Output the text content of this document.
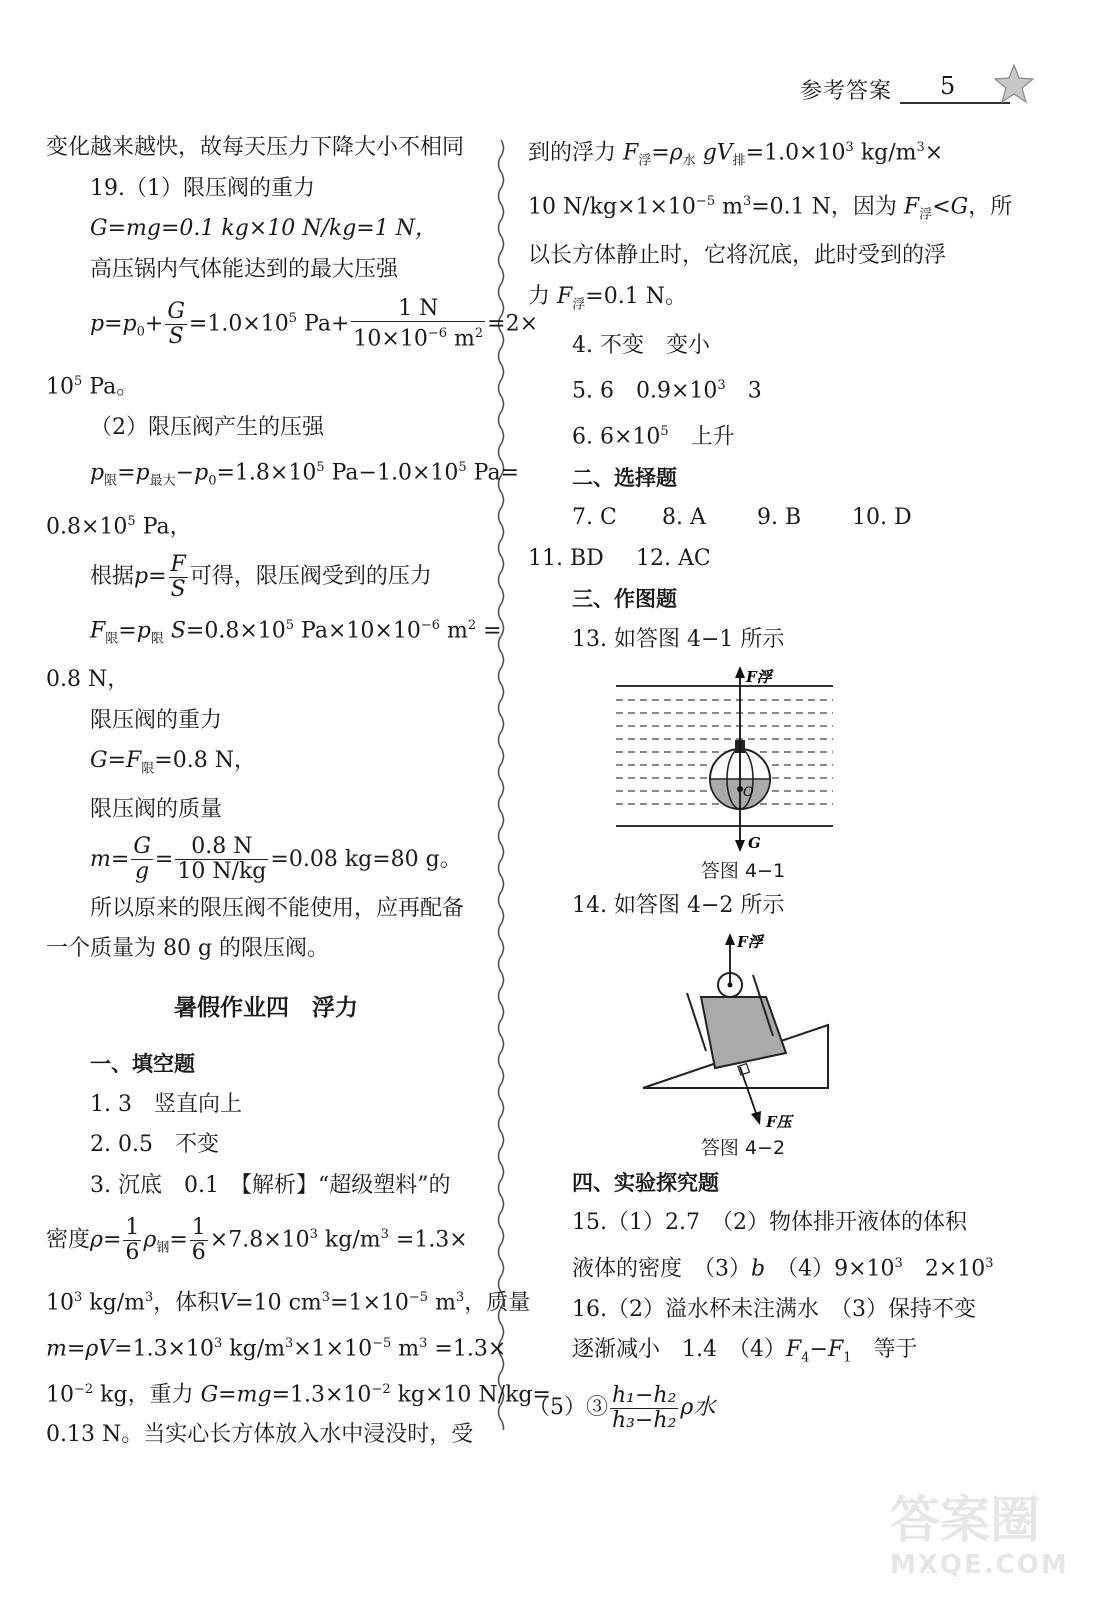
参考答案 5

变化越来越快，故每天压力下降大小不相同

19.（1）限压阀的重力

G=mg=0.1 kg×10 N/kg=1 N，

高压锅内气体能达到的最大压强

$p=p_0+ \frac{G}{S} =1.0\times 10^5$ $Pa+ \frac{1 N}{10\times 10^{-6} m^2} =2\times$

$10^5$ Pa。

（2）限压阀产生的压强

$p_限=p_{最大}-p_0=1.8\times 10^5$ $Pa-1.0\times 10^5$ Pa=

$0.8\times 10^5$ Pa，

根据$p= \frac{F}{S}$ 可得，限压阀受到的压力

$F_限=p_限$ $S=0.8\times 10^5$ $Pa\times 10\times 10^{-6}$ $m^2$ =

0.8 N，

限压阀的重力

$G=F_限=0.8$ N，

限压阀的质量

$m= \frac{G}{g} = \frac{0.8 N}{10 N/kg} =0.08$ kg=80 g。

所以原来的限压阀不能使用，应再配备

一个质量为 80 g 的限压阀。

暑假作业四　浮力

一、填空题

1. 3　竖直向上

2. 0.5　不变

3. 沉底　0.1　【解析】“超级塑料”的

密度$\rho= \frac{1}{6} \rho_钢= \frac{1}{6} \times 7.8\times 10^3$ $kg/m^3 =1.3\times$

$10^3$ $kg/m^3$，体积V=10 $cm^3=1\times 10^{-5}$ $m^3$，质量

$m=\rho V=1.3\times 10^3$ $kg/m^3\times 1\times 10^{-5}$ $m^3 =1.3\times$

$10^{-2}$ kg，重力 $G=mg=1.3\times 10^{-2}$ kg×10 N/kg=

0.13 N。当实心长方体放入水中浸没时，受

到的浮力 $F_浮=\rho_水$ $gV_排=1.0\times 10^3$ $kg/m^3\times$

10 $N/kg\times 1\times 10^{-5}$ $m^3=0.1$ N，因为 $F_浮<G$，所

以长方体静止时，它将沉底，此时受到的浮

力 $F_浮=0.1$ N。

4. 不变　变小

5. 6　$0.9\times 10^3$　3

6. $6\times 10^5$　上升

二、选择题

7. C	8. A	9. B	10. D

11. BD	12. AC

三、作图题

13. 如答图 4−1 所示

F浮
G
O

答图 4−1

14. 如答图 4−2 所示

F浮
F压

答图 4−2

四、实验探究题

15.（1）2.7　（2）物体排开液体的体积

液体的密度　（3）b　$(4)9\times 10^3$　$2\times 10^3$

16.（2）溢水杯未注满水　（3）保持不变

逐渐减小　1.4　$(4)F_4-F_1$　等于

（5）③ $\frac{\text{h₁−h₂}}{\text{h₃−h₂}}$ ρ水

答案圈
MXQE.COM
